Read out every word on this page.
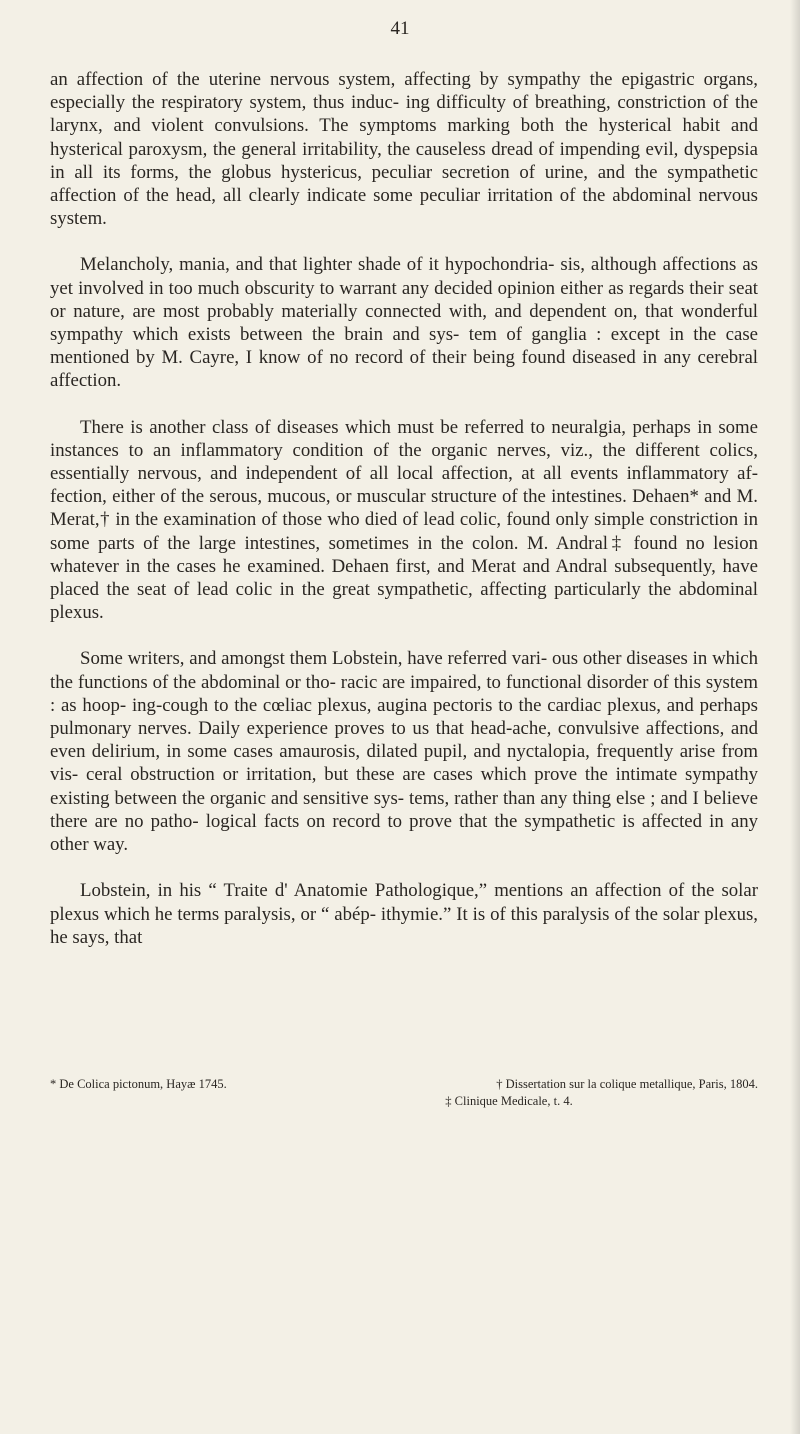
41

an affection of the uterine nervous system, affecting by sympathy the epigastric organs, especially the respiratory system, thus induc- ing difficulty of breathing, constriction of the larynx, and violent convulsions. The symptoms marking both the hysterical habit and hysterical paroxysm, the general irritability, the causeless dread of impending evil, dyspepsia in all its forms, the globus hystericus, peculiar secretion of urine, and the sympathetic affection of the head, all clearly indicate some peculiar irritation of the abdominal nervous system.

Melancholy, mania, and that lighter shade of it hypochondria- sis, although affections as yet involved in too much obscurity to warrant any decided opinion either as regards their seat or nature, are most probably materially connected with, and dependent on, that wonderful sympathy which exists between the brain and sys- tem of ganglia : except in the case mentioned by M. Cayre, I know of no record of their being found diseased in any cerebral affection.

There is another class of diseases which must be referred to neuralgia, perhaps in some instances to an inflammatory condition of the organic nerves, viz., the different colics, essentially nervous, and independent of all local affection, at all events inflammatory af- fection, either of the serous, mucous, or muscular structure of the intestines. Dehaen* and M. Merat,† in the examination of those who died of lead colic, found only simple constriction in some parts of the large intestines, sometimes in the colon. M. Andral‡ found no lesion whatever in the cases he examined. Dehaen first, and Merat and Andral subsequently, have placed the seat of lead colic in the great sympathetic, affecting particularly the abdominal plexus.

Some writers, and amongst them Lobstein, have referred vari- ous other diseases in which the functions of the abdominal or tho- racic are impaired, to functional disorder of this system : as hoop- ing-cough to the cœliac plexus, augina pectoris to the cardiac plexus, and perhaps pulmonary nerves. Daily experience proves to us that head-ache, convulsive affections, and even delirium, in some cases amaurosis, dilated pupil, and nyctalopia, frequently arise from vis- ceral obstruction or irritation, but these are cases which prove the intimate sympathy existing between the organic and sensitive sys- tems, rather than any thing else ; and I believe there are no patho- logical facts on record to prove that the sympathetic is affected in any other way.

Lobstein, in his “ Traite d' Anatomie Pathologique,” mentions an affection of the solar plexus which he terms paralysis, or “ abép- ithymie.” It is of this paralysis of the solar plexus, he says, that

* De Colica pictonum, Hayæ 1745.	† Dissertation sur la colique metallique, Paris, 1804.
‡ Clinique Medicale, t. 4.
